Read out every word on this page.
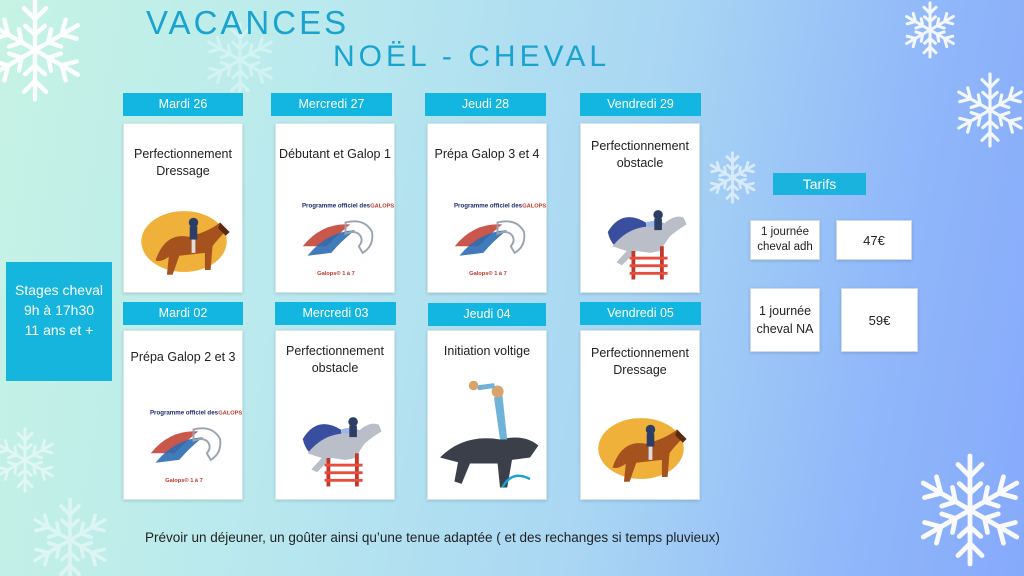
VACANCES
NOËL - CHEVAL
Stages cheval
9h à 17h30
11 ans et +
Mardi 26
Perfectionnement Dressage
Mercredi 27
Débutant et Galop 1
Jeudi 28
Prépa Galop 3 et 4
Vendredi 29
Perfectionnement obstacle
Mardi 02
Prépa Galop 2 et 3
Mercredi 03
Perfectionnement obstacle
Jeudi 04
Initiation voltige
Vendredi 05
Perfectionnement Dressage
Tarifs
1 journée cheval adh	47€
1 journée cheval NA
59€
Prévoir un déjeuner, un goûter ainsi qu’une tenue adaptée ( et des rechanges si temps pluvieux)
